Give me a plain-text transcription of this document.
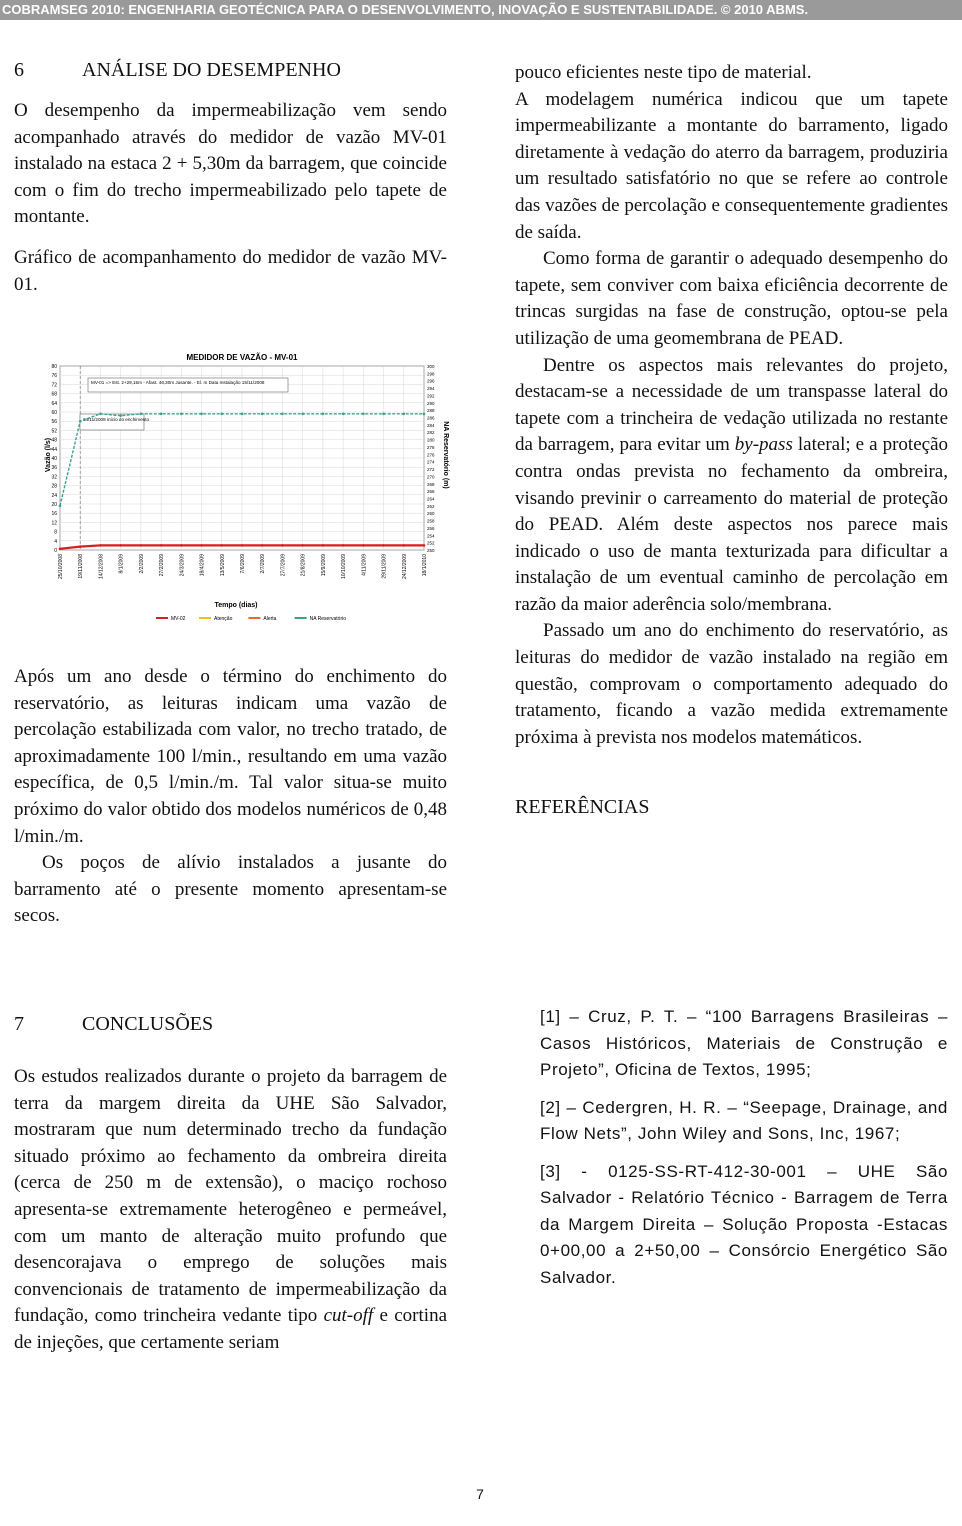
COBRAMSEG 2010: ENGENHARIA GEOTÉCNICA PARA O DESENVOLVIMENTO, INOVAÇÃO E SUSTENTABILIDADE. © 2010 ABMS.
6	ANÁLISE DO DESEMPENHO

O desempenho da impermeabilização vem sendo acompanhado através do medidor de vazão MV-01 instalado na estaca 2 + 5,30m da barragem, que coincide com o fim do trecho impermeabilizado pelo tapete de montante.

Gráfico de acompanhamento do medidor de vazão MV-01.

MEDIDOR DE VAZÃO - MV-01
Vazão (l/s)	NA Reservatório (m)
Tempo (dias)
0
4
8
12
16
20
24
28
32
36
40
44
48
52
56
60
64
68
72
76
80
250
252
254
256
258
260
262
264
266
268
270
272
274
276
278
280
282
284
286
288
290
292
294
296
298
300
25/10/2008	19/11/2008	14/12/2008	8/1/2009	2/2/2009	27/2/2009	24/3/2009	18/4/2009	13/5/2009	7/6/2009	2/7/2009	27/7/2009	21/8/2009	15/9/2009	10/10/2009	4/11/2009	29/11/2009	24/12/2009	18/1/2010
MV-01 => Est. 2+29,15m - Afast. 46,30m Jusante. - El. m Data Instalação 15/11/2008
24/11/2008 início do enchimento
MV-02	Atenção	Alerta	NA Reservatório

Após um ano desde o término do enchimento do reservatório, as leituras indicam uma vazão de percolação estabilizada com valor, no trecho tratado, de aproximadamente 100 l/min., resultando em uma vazão específica, de 0,5 l/min./m. Tal valor situa-se muito próximo do valor obtido dos modelos numéricos de 0,48 l/min./m.

Os poços de alívio instalados a jusante do barramento até o presente momento apresentam-se secos.

7	CONCLUSÕES

Os estudos realizados durante o projeto da barragem de terra da margem direita da UHE São Salvador, mostraram que num determinado trecho da fundação situado próximo ao fechamento da ombreira direita (cerca de 250 m de extensão), o maciço rochoso apresenta-se extremamente heterogêneo e permeável, com um manto de alteração muito profundo que desencorajava o emprego de soluções mais convencionais de tratamento de impermeabilização da fundação, como trincheira vedante tipo cut-off e cortina de injeções, que certamente seriam

pouco eficientes neste tipo de material.

A modelagem numérica indicou que um tapete impermeabilizante a montante do barramento, ligado diretamente à vedação do aterro da barragem, produziria um resultado satisfatório no que se refere ao controle das vazões de percolação e consequentemente gradientes de saída.

Como forma de garantir o adequado desempenho do tapete, sem conviver com baixa eficiência decorrente de trincas surgidas na fase de construção, optou-se pela utilização de uma geomembrana de PEAD.

Dentre os aspectos mais relevantes do projeto, destacam-se a necessidade de um transpasse lateral do tapete com a trincheira de vedação utilizada no restante da barragem, para evitar um by-pass lateral; e a proteção contra ondas prevista no fechamento da ombreira, visando previnir o carreamento do material de proteção do PEAD. Além deste aspectos nos parece mais indicado o uso de manta texturizada para dificultar a instalação de um eventual caminho de percolação em razão da maior aderência solo/membrana.

Passado um ano do enchimento do reservatório, as leituras do medidor de vazão instalado na região em questão, comprovam o comportamento adequado do tratamento, ficando a vazão medida extremamente próxima à prevista nos modelos matemáticos.

REFERÊNCIAS

[1] – Cruz, P. T. – “100 Barragens Brasileiras – Casos Históricos, Materiais de Construção e Projeto”, Oficina de Textos, 1995;

[2] – Cedergren, H. R. – “Seepage, Drainage, and Flow Nets”, John Wiley and Sons, Inc, 1967;

[3] - 0125-SS-RT-412-30-001 – UHE São Salvador - Relatório Técnico - Barragem de Terra da Margem Direita – Solução Proposta -Estacas 0+00,00 a 2+50,00 – Consórcio Energético São Salvador.

7
